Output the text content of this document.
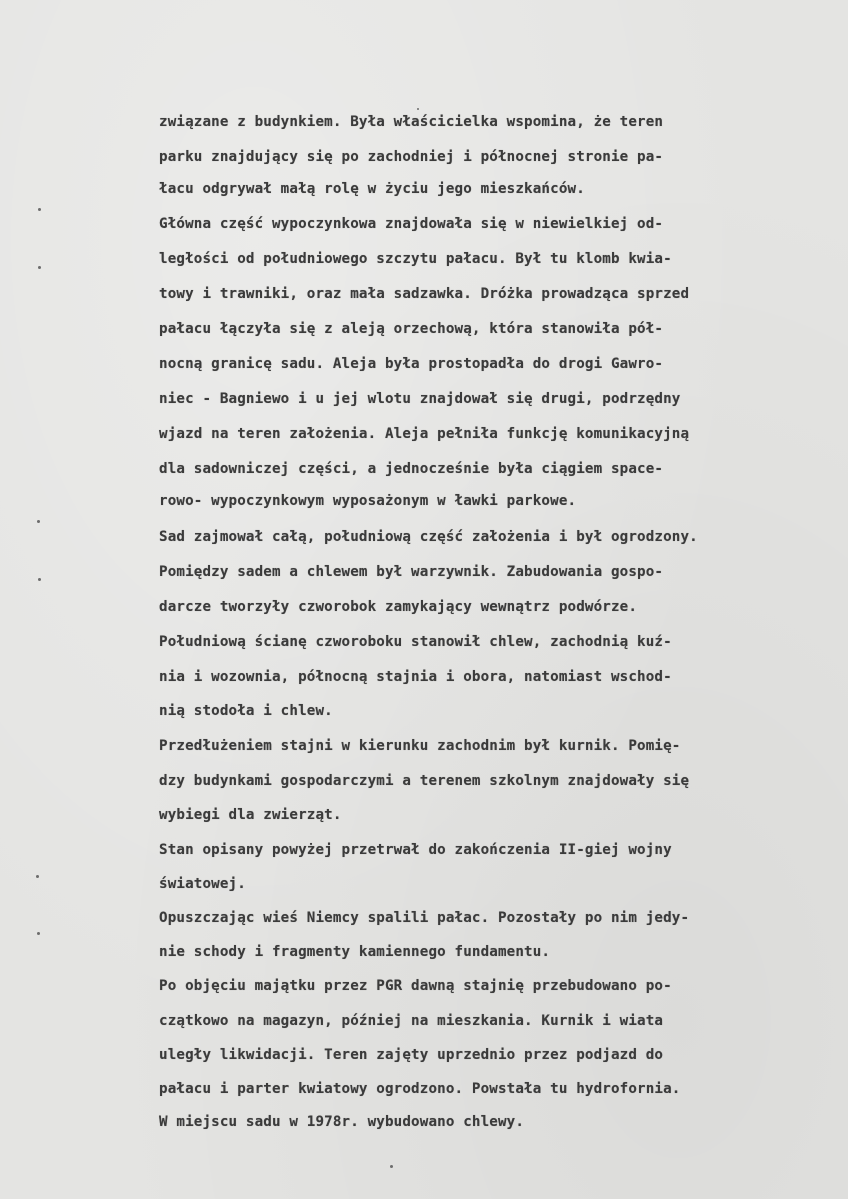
związane z budynkiem. Była właścicielka wspomina, że teren

parku znajdujący się po zachodniej i północnej stronie pa-

łacu odgrywał małą rolę w życiu jego mieszkańców.

Główna część wypoczynkowa znajdowała się w niewielkiej od-

ległości od południowego szczytu pałacu. Był tu klomb kwia-

towy i trawniki, oraz mała sadzawka. Dróżka prowadząca sprzed

pałacu łączyła się z aleją orzechową, która stanowiła pół-

nocną granicę sadu. Aleja była prostopadła do drogi Gawro-

niec - Bagniewo i u jej wlotu znajdował się drugi, podrzędny

wjazd na teren założenia. Aleja pełniła funkcję komunikacyjną

dla sadowniczej części, a jednocześnie była ciągiem space-

rowo- wypoczynkowym wyposażonym w ławki parkowe.

Sad zajmował całą, południową część założenia i był ogrodzony.

Pomiędzy sadem a chlewem był warzywnik. Zabudowania gospo-

darcze tworzyły czworobok zamykający wewnątrz podwórze.

Południową ścianę czworoboku stanowił chlew, zachodnią kuź-

nia i wozownia, północną stajnia i obora, natomiast wschod-

nią stodoła i chlew.

Przedłużeniem stajni w kierunku zachodnim był kurnik. Pomię-

dzy budynkami gospodarczymi a terenem szkolnym znajdowały się

wybiegi dla zwierząt.

Stan opisany powyżej przetrwał do zakończenia II-giej wojny

światowej.

Opuszczając wieś Niemcy spalili pałac. Pozostały po nim jedy-

nie schody i fragmenty kamiennego fundamentu.

Po objęciu majątku przez PGR dawną stajnię przebudowano po-

czątkowo na magazyn, później na mieszkania. Kurnik i wiata

uległy likwidacji. Teren zajęty uprzednio przez podjazd do

pałacu i parter kwiatowy ogrodzono. Powstała tu hydrofornia.

W miejscu sadu w 1978r. wybudowano chlewy.
